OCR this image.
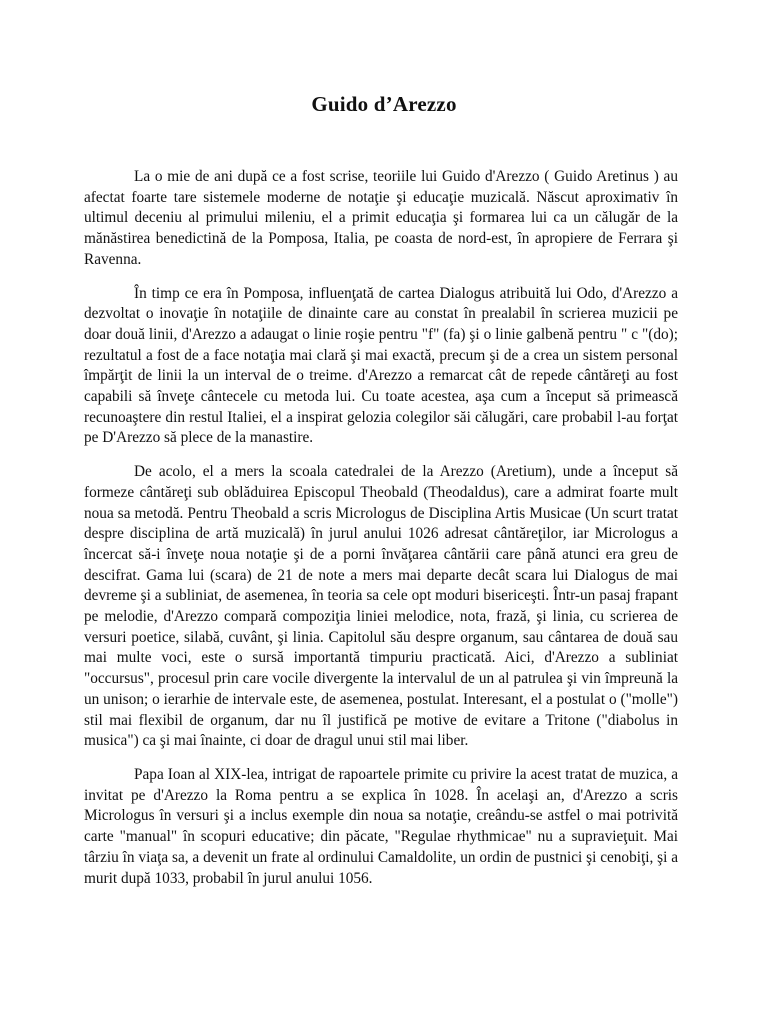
Guido d’Arezzo

La o mie de ani după ce a fost scrise, teoriile lui Guido d'Arezzo ( Guido Aretinus ) au afectat foarte tare sistemele moderne de notaţie şi educaţie muzicală. Născut aproximativ în ultimul deceniu al primului mileniu, el a primit educaţia şi formarea lui ca un călugăr de la mănăstirea benedictină de la Pomposa, Italia, pe coasta de nord-est, în apropiere de Ferrara şi Ravenna.

În timp ce era în Pomposa, influenţată de cartea Dialogus atribuită lui Odo, d'Arezzo a dezvoltat o inovaţie în notaţiile de dinainte care au constat în prealabil în scrierea muzicii pe doar două linii, d'Arezzo a adaugat o linie roşie pentru "f" (fa) şi o linie galbenă pentru " c "(do); rezultatul a fost de a face notaţia mai clară şi mai exactă, precum şi de a crea un sistem personal împărţit de linii la un interval de o treime. d'Arezzo a remarcat cât de repede cântăreţi au fost capabili să înveţe cântecele cu metoda lui. Cu toate acestea, aşa cum a început să primească recunoaştere din restul Italiei, el a inspirat gelozia colegilor săi călugări, care probabil l-au forţat pe D'Arezzo să plece de la manastire.

De acolo, el a mers la scoala catedralei de la Arezzo (Aretium), unde a început să formeze cântăreţi sub oblăduirea Episcopul Theobald (Theodaldus), care a admirat foarte mult noua sa metodă. Pentru Theobald a scris Micrologus de Disciplina Artis Musicae (Un scurt tratat despre disciplina de artă muzicală) în jurul anului 1026 adresat cântăreţilor, iar Micrologus a încercat să-i înveţe noua notaţie şi de a porni învăţarea cântării care până atunci era greu de descifrat. Gama lui (scara) de 21 de note a mers mai departe decât scara lui Dialogus de mai devreme şi a subliniat, de asemenea, în teoria sa cele opt moduri bisericeşti. Într-un pasaj frapant pe melodie, d'Arezzo compară compoziţia liniei melodice, nota, frază, şi linia, cu scrierea de versuri poetice, silabă, cuvânt, şi linia. Capitolul său despre organum, sau cântarea de două sau mai multe voci, este o sursă importantă timpuriu practicată. Aici, d'Arezzo a subliniat "occursus", procesul prin care vocile divergente la intervalul de un al patrulea şi vin împreună la un unison; o ierarhie de intervale este, de asemenea, postulat. Interesant, el a postulat o ("molle") stil mai flexibil de organum, dar nu îl justifică pe motive de evitare a Tritone ("diabolus in musica") ca şi mai înainte, ci doar de dragul unui stil mai liber.

Papa Ioan al XIX-lea, intrigat de rapoartele primite cu privire la acest tratat de muzica, a invitat pe d'Arezzo la Roma pentru a se explica în 1028. În acelaşi an, d'Arezzo a scris Micrologus în versuri şi a inclus exemple din noua sa notaţie, creându-se astfel o mai potrivită carte "manual" în scopuri educative; din păcate, "Regulae rhythmicae" nu a supravieţuit. Mai târziu în viaţa sa, a devenit un frate al ordinului Camaldolite, un ordin de pustnici şi cenobiţi, şi a murit după 1033, probabil în jurul anului 1056.
